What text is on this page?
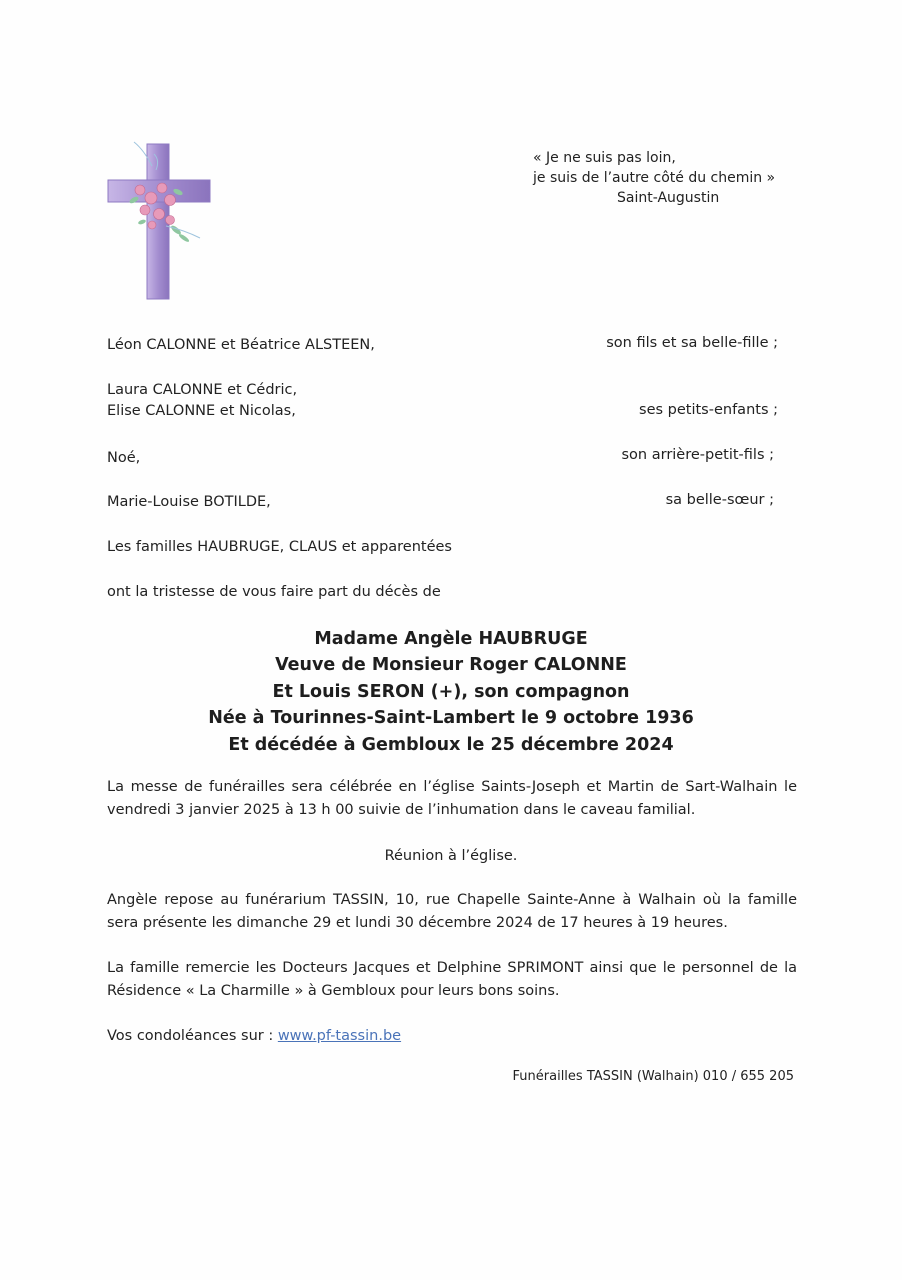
« Je ne suis pas loin,
je suis de l’autre côté du chemin »
Saint-Augustin
Léon CALONNE et Béatrice ALSTEEN,	son fils et sa belle-fille ;
Laura CALONNE et Cédric,
Elise CALONNE et Nicolas,	ses petits-enfants ;
Noé,	son arrière-petit-fils ;
Marie-Louise BOTILDE,	sa belle-sœur ;
Les familles HAUBRUGE, CLAUS et apparentées
ont la tristesse de vous faire part du décès de
Madame Angèle HAUBRUGE
Veuve de Monsieur Roger CALONNE
Et Louis SERON (+), son compagnon
Née à Tourinnes-Saint-Lambert le 9 octobre 1936
Et décédée à Gembloux le 25 décembre 2024
La messe de funérailles sera célébrée en l’église Saints-Joseph et Martin de Sart-Walhain le vendredi 3 janvier 2025 à 13 h 00 suivie de l’inhumation dans le caveau familial.
Réunion à l’église.
Angèle repose au funérarium TASSIN, 10, rue Chapelle Sainte-Anne à Walhain où la famille sera présente les dimanche 29 et lundi 30 décembre 2024 de 17 heures à 19 heures.
La famille remercie les Docteurs Jacques et Delphine SPRIMONT ainsi que le personnel de la Résidence « La Charmille » à Gembloux pour leurs bons soins.
Vos condoléances sur : www.pf-tassin.be
Funérailles TASSIN (Walhain) 010 / 655 205
